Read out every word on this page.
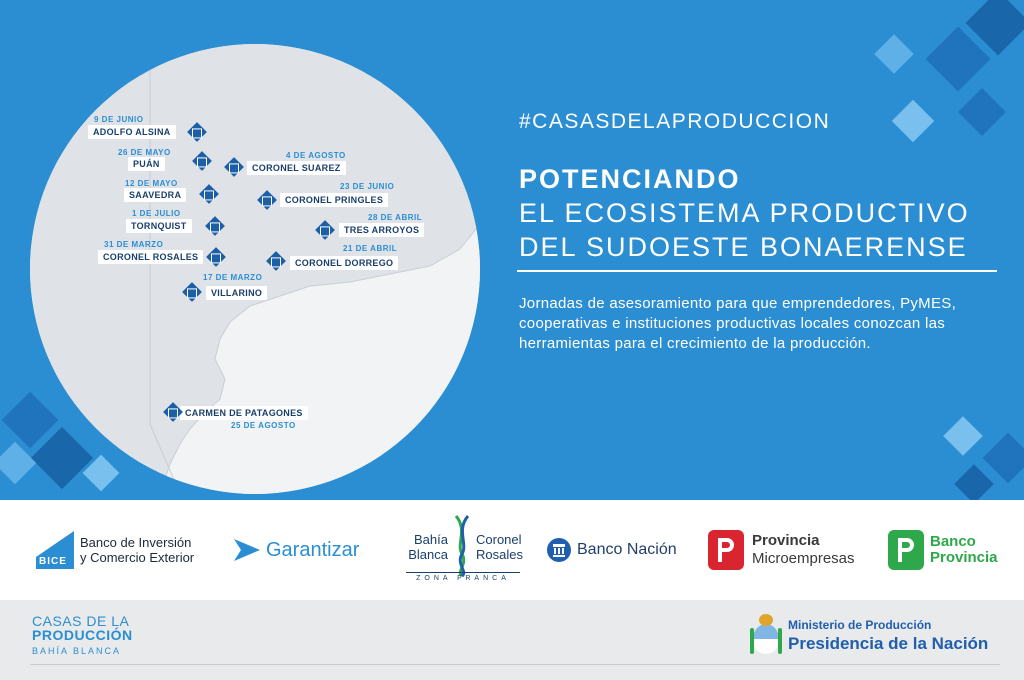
9 DE JUNIO
ADOLFO ALSINA
26 DE MAYO
PUÁN
4 DE AGOSTO
CORONEL SUAREZ
12 DE MAYO
SAAVEDRA
23 DE JUNIO
CORONEL PRINGLES
1 DE JULIO
TORNQUIST
28 DE ABRIL
TRES ARROYOS
31 DE MARZO
CORONEL ROSALES
21 DE ABRIL
CORONEL DORREGO
17 DE MARZO
VILLARINO
CARMEN DE PATAGONES
25 DE AGOSTO
#CASASDELAPRODUCCION
POTENCIANDO
EL ECOSISTEMA PRODUCTIVO
DEL SUDOESTE BONAERENSE
Jornadas de asesoramiento para que emprendedores, PyMES, cooperativas e instituciones productivas locales conozcan las herramientas para el crecimiento de la producción.
BICE
Banco de Inversión
y Comercio Exterior	Garantizar	Bahía
Blanca
Coronel
Rosales
ZONA FRANCA
Banco Nación
Provincia
Microempresas
Banco
Provincia
CASAS DE LA
PRODUCCIÓN
BAHÍA BLANCA
Ministerio de Producción
Presidencia de la Nación
